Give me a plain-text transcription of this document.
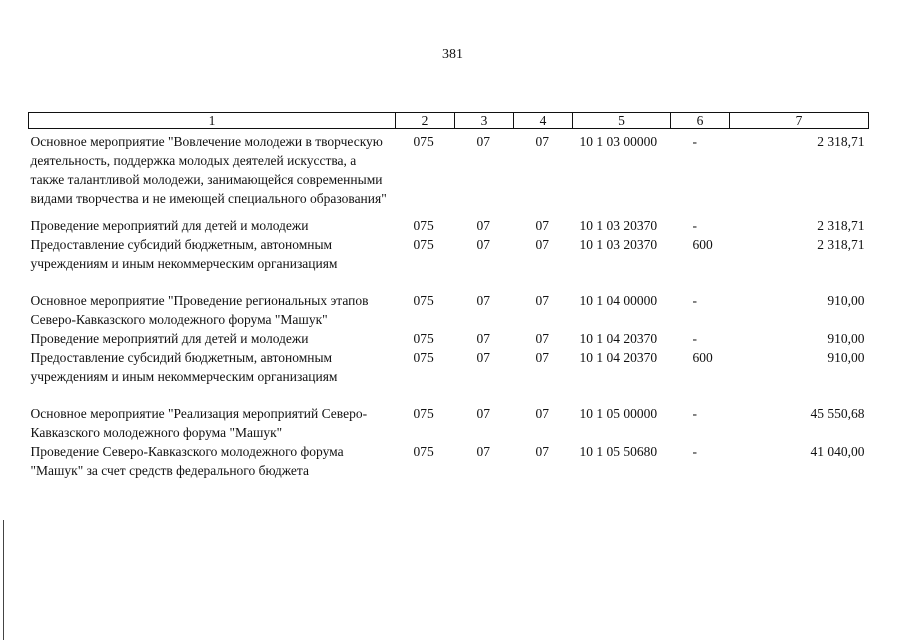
381
1	2	3	4	5	6	7
Основное мероприятие "Вовлечение молодежи в творческую деятельность, поддержка молодых деятелей искусства, а также талантливой молодежи, занимающейся современными видами творчества и не имеющей специального образования"	075	07	07	10 1 03 00000	-	2 318,71

Проведение мероприятий для детей и молодежи	075	07	07	10 1 03 20370	-	2 318,71
Предоставление субсидий бюджетным, автономным учреждениям и иным некоммерческим организациям	075	07	07	10 1 03 20370	600	2 318,71

Основное мероприятие "Проведение региональных этапов Северо-Кавказского молодежного форума "Машук"	075	07	07	10 1 04 00000	-	910,00
Проведение мероприятий для детей и молодежи	075	07	07	10 1 04 20370	-	910,00
Предоставление субсидий бюджетным, автономным учреждениям и иным некоммерческим организациям	075	07	07	10 1 04 20370	600	910,00

Основное мероприятие "Реализация мероприятий Северо-Кавказского молодежного форума "Машук"	075	07	07	10 1 05 00000	-	45 550,68
Проведение Северо-Кавказского молодежного форума "Машук" за счет средств федерального бюджета	075	07	07	10 1 05 50680	-	41 040,00
